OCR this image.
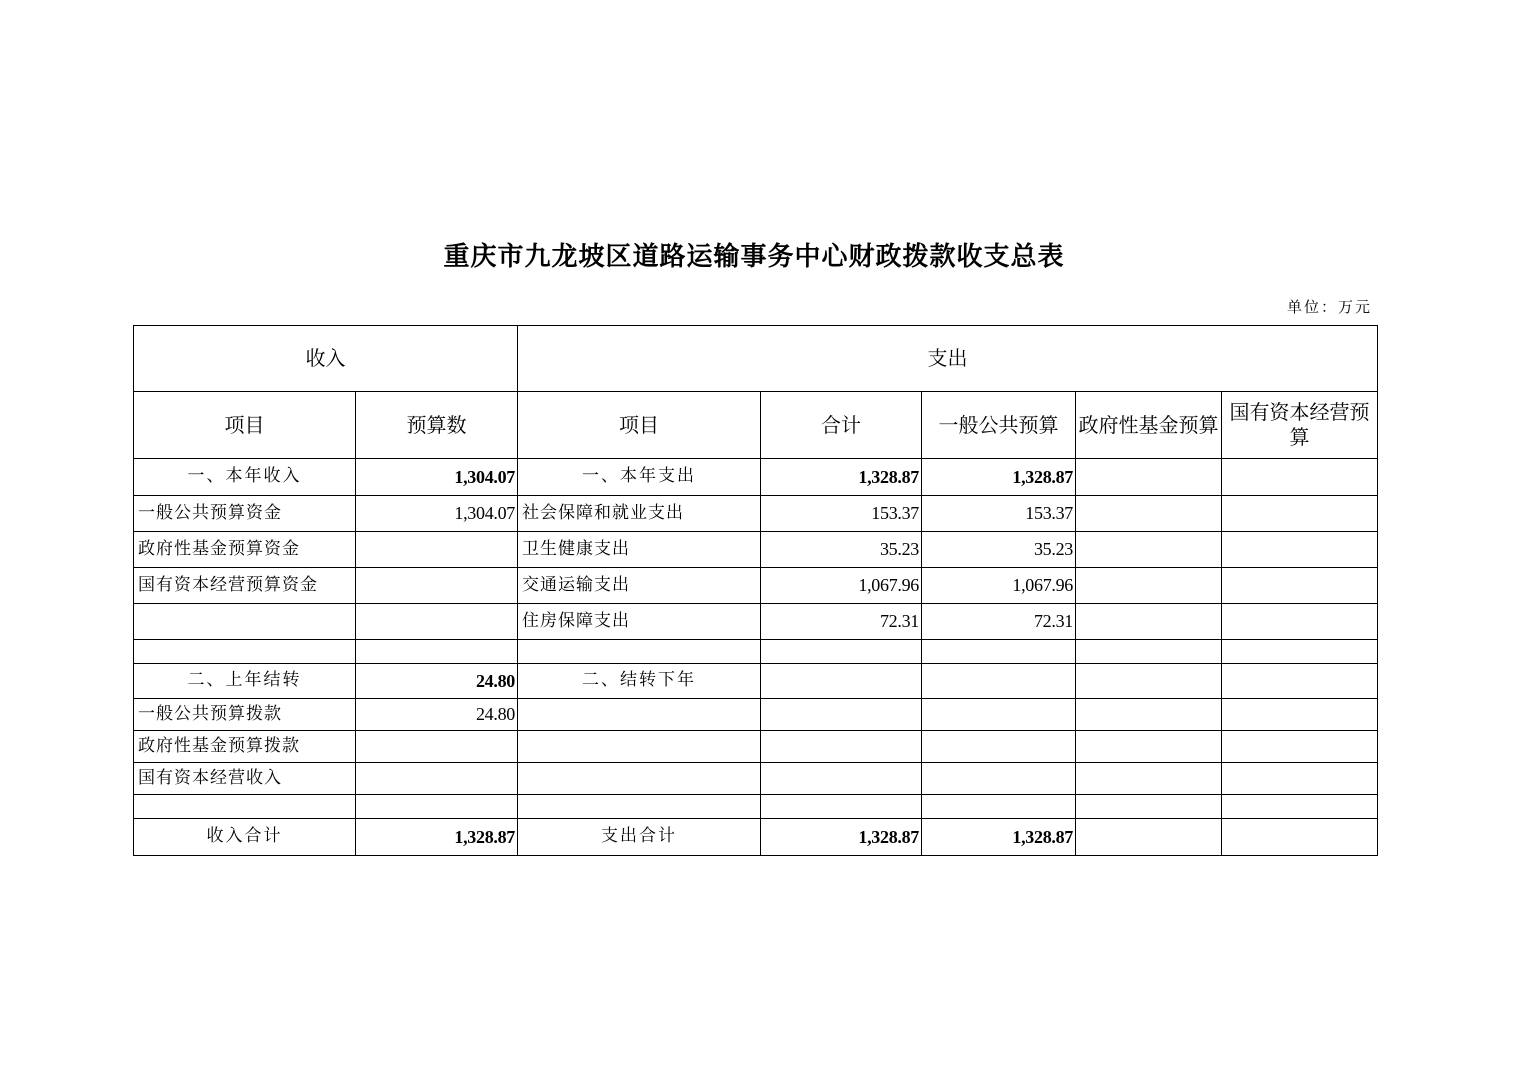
重庆市九龙坡区道路运输事务中心财政拨款收支总表
单位：万元
收入		支出				
项目	预算数	项目	合计	一般公共预算	政府性基金预算	国有资本经营预算
一、本年收入	1,304.07	一、本年支出	1,328.87	1,328.87		
一般公共预算资金	1,304.07	社会保障和就业支出	153.37	153.37		
政府性基金预算资金		卫生健康支出	35.23	35.23		
国有资本经营预算资金		交通运输支出	1,067.96	1,067.96		
		住房保障支出	72.31	72.31		

二、上年结转	24.80	二、结转下年				
一般公共预算拨款	24.80					
政府性基金预算拨款						
国有资本经营收入						

收入合计	1,328.87	支出合计	1,328.87	1,328.87		
